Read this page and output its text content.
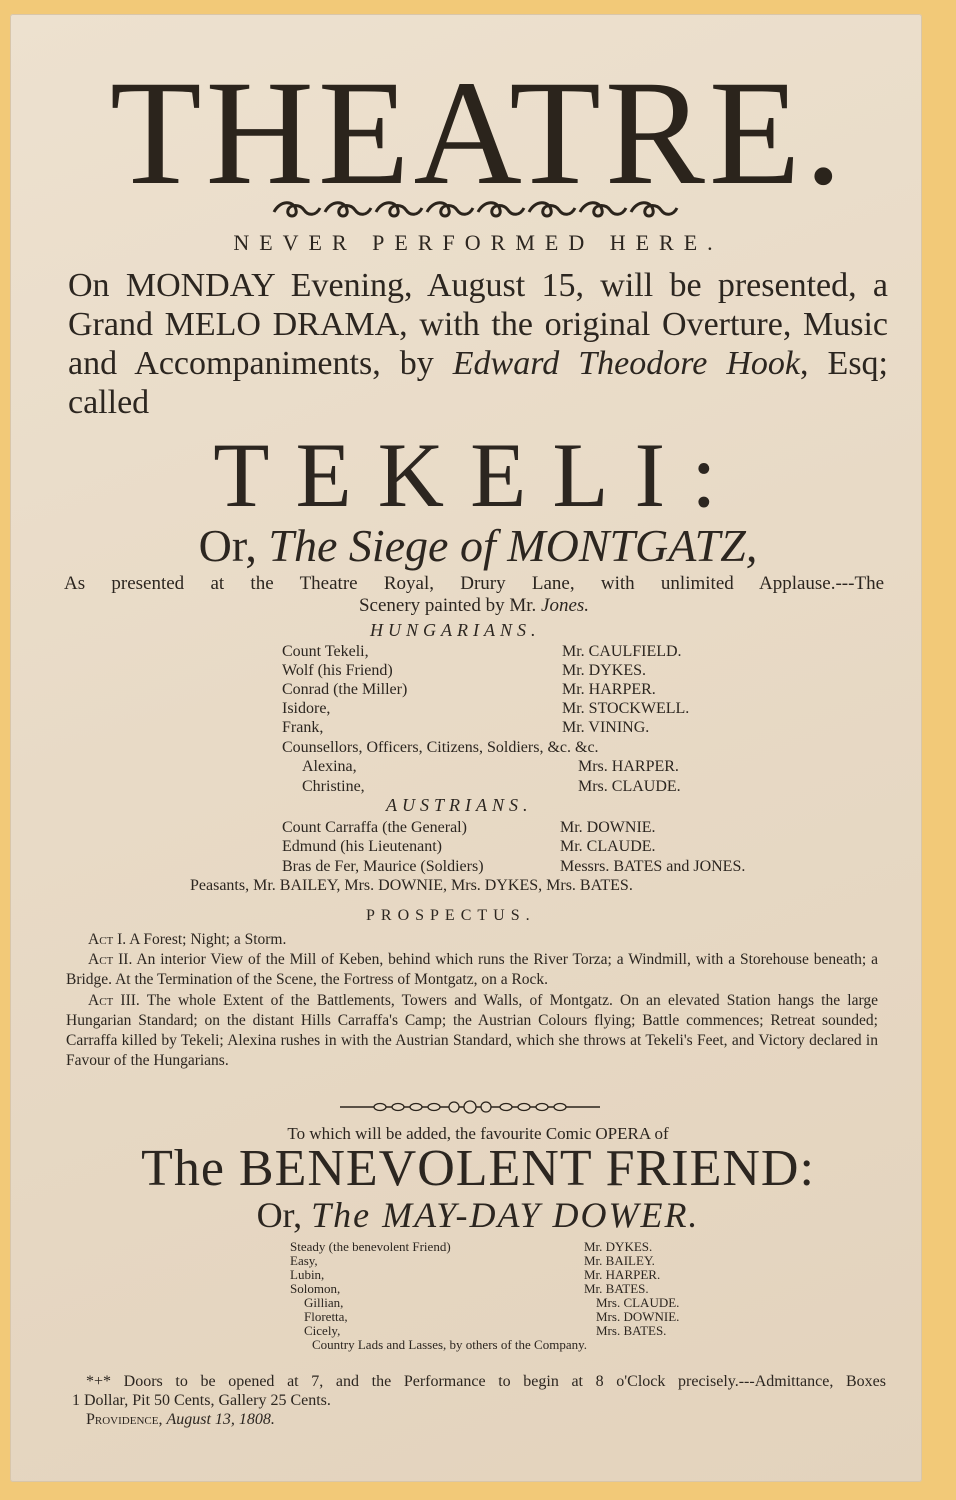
THEATRE.
NEVER PERFORMED HERE.
On MONDAY Evening, August 15, will be presented, a Grand MELO DRAMA, with the original Overture, Music and Accompaniments, by Edward Theodore Hook, Esq; called
TEKELI:
Or, The Siege of MONTGATZ,
As presented at the Theatre Royal, Drury Lane, with unlimited Applause.---The
Scenery painted by Mr. Jones.
HUNGARIANS.
Count Tekeli,	Mr. CAULFIELD.
Wolf (his Friend)	Mr. DYKES.
Conrad (the Miller)	Mr. HARPER.
Isidore,	Mr. STOCKWELL.
Frank,	Mr. VINING.
Counsellors, Officers, Citizens, Soldiers, &c. &c.
Alexina,	Mrs. HARPER.
Christine,	Mrs. CLAUDE.
AUSTRIANS.
Count Carraffa (the General)	Mr. DOWNIE.
Edmund (his Lieutenant)	Mr. CLAUDE.
Bras de Fer, Maurice (Soldiers)	Messrs. BATES and JONES.
Peasants, Mr. BAILEY, Mrs. DOWNIE, Mrs. DYKES, Mrs. BATES.
PROSPECTUS.
Act I. A Forest; Night; a Storm.
Act II. An interior View of the Mill of Keben, behind which runs the River Torza; a Windmill, with a Storehouse beneath; a Bridge. At the Termination of the Scene, the Fortress of Montgatz, on a Rock.
Act III. The whole Extent of the Battlements, Towers and Walls, of Montgatz. On an elevated Station hangs the large Hungarian Standard; on the distant Hills Carraffa's Camp; the Austrian Colours flying; Battle commences; Retreat sounded; Carraffa killed by Tekeli; Alexina rushes in with the Austrian Standard, which she throws at Tekeli's Feet, and Victory declared in Favour of the Hungarians.
To which will be added, the favourite Comic OPERA of
The BENEVOLENT FRIEND:
Or, The MAY-DAY DOWER.
Steady (the benevolent Friend)	Mr. DYKES.
Easy,	Mr. BAILEY.
Lubin,	Mr. HARPER.
Solomon,	Mr. BATES.
Gillian,	Mrs. CLAUDE.
Floretta,	Mrs. DOWNIE.
Cicely,	Mrs. BATES.
Country Lads and Lasses, by others of the Company.
*+* Doors to be opened at 7, and the Performance to begin at 8 o'Clock precisely.---Admittance, Boxes
1 Dollar, Pit 50 Cents, Gallery 25 Cents.
Providence, August 13, 1808.
